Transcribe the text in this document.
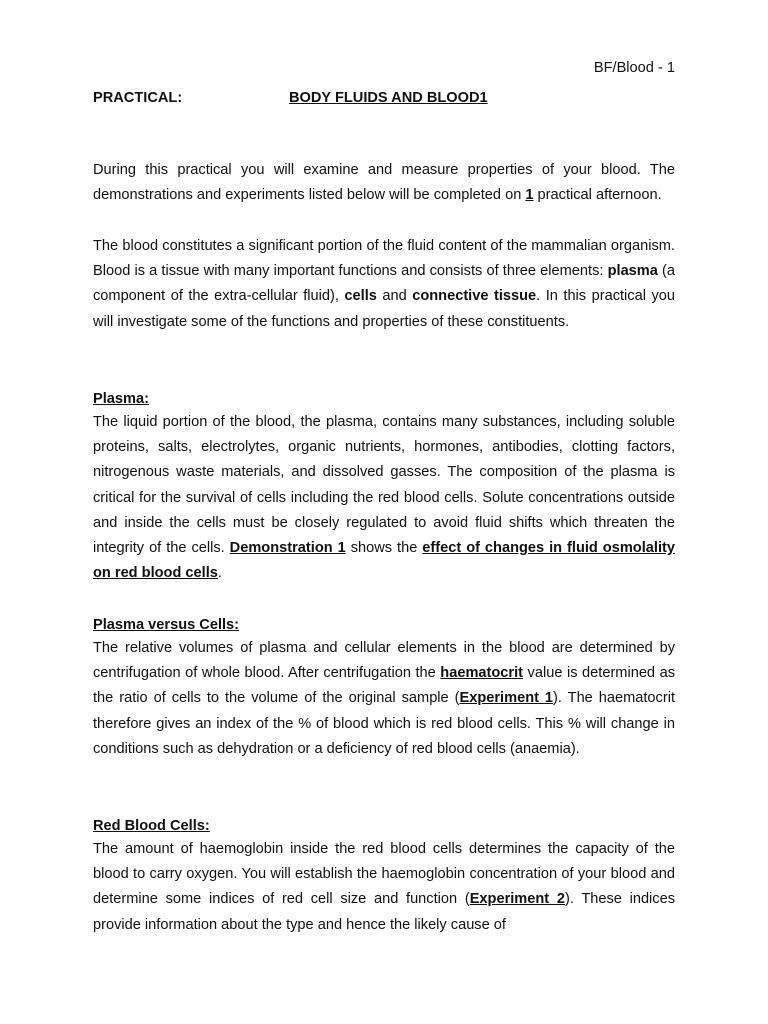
BF/Blood - 1
PRACTICAL:	BODY FLUIDS AND BLOOD1

During this practical you will examine and measure properties of your blood. The demonstrations and experiments listed below will be completed on 1 practical afternoon.

The blood constitutes a significant portion of the fluid content of the mammalian organism. Blood is a tissue with many important functions and consists of three elements: plasma (a component of the extra-cellular fluid), cells and connective tissue. In this practical you will investigate some of the functions and properties of these constituents.

Plasma:

The liquid portion of the blood, the plasma, contains many substances, including soluble proteins, salts, electrolytes, organic nutrients, hormones, antibodies, clotting factors, nitrogenous waste materials, and dissolved gasses. The composition of the plasma is critical for the survival of cells including the red blood cells. Solute concentrations outside and inside the cells must be closely regulated to avoid fluid shifts which threaten the integrity of the cells. Demonstration 1 shows the effect of changes in fluid osmolality on red blood cells.

Plasma versus Cells:

The relative volumes of plasma and cellular elements in the blood are determined by centrifugation of whole blood. After centrifugation the haematocrit value is determined as the ratio of cells to the volume of the original sample (Experiment 1). The haematocrit therefore gives an index of the % of blood which is red blood cells. This % will change in conditions such as dehydration or a deficiency of red blood cells (anaemia).

Red Blood Cells:

The amount of haemoglobin inside the red blood cells determines the capacity of the blood to carry oxygen. You will establish the haemoglobin concentration of your blood and determine some indices of red cell size and function (Experiment 2). These indices provide information about the type and hence the likely cause of
